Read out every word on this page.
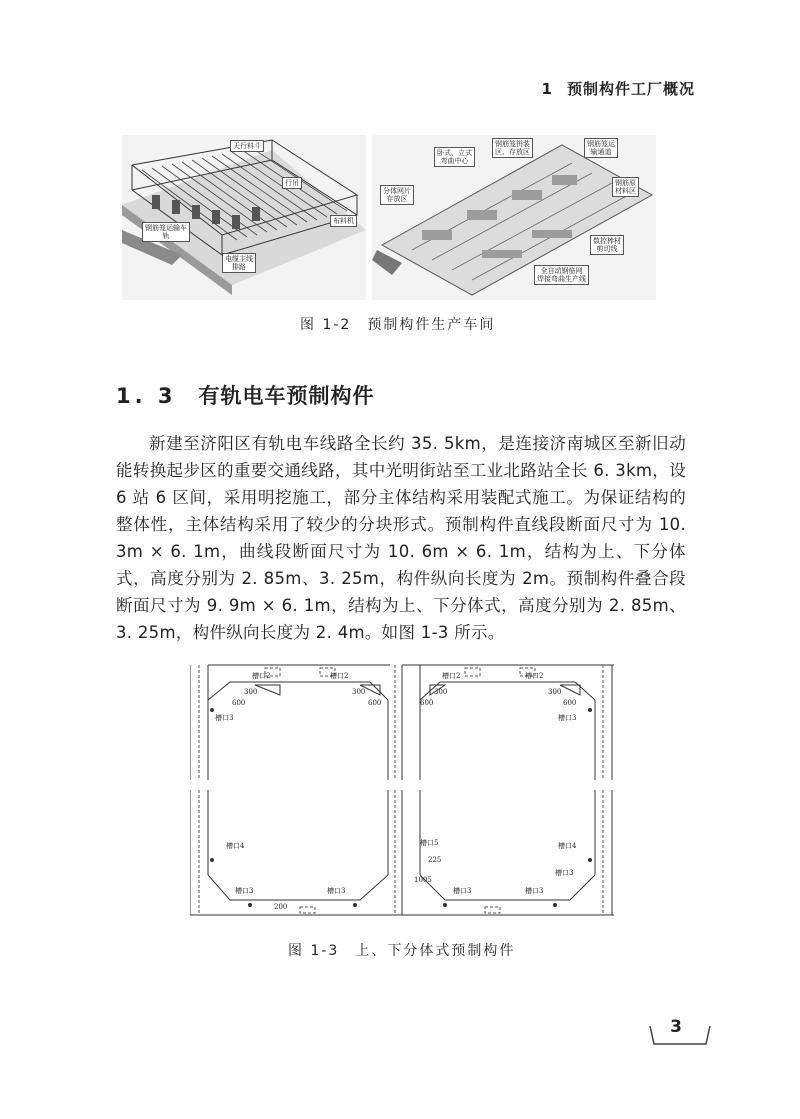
1 预制构件工厂概况
天行料斗
行吊
钢筋笼运输车
轨
电缆主线
排路
布料机
卧式、立式
弯曲中心
钢筋笼拼装
区、存放区
钢筋笼运
输通道
分体网片
存放区
钢筋原
材料区
数控棒材
剪切线
全自动钢筋网
焊接弯曲生产线
图 1-2　预制构件生产车间
1. 3 有轨电车预制构件

新建至济阳区有轨电车线路全长约 35. 5km，是连接济南城区至新旧动能转换起步区的重要交通线路，其中光明街站至工业北路站全长 6. 3km，设 6 站 6 区间，采用明挖施工，部分主体结构采用装配式施工。为保证结构的整体性，主体结构采用了较少的分块形式。预制构件直线段断面尺寸为 10. 3m × 6. 1m，曲线段断面尺寸为 10. 6m × 6. 1m，结构为上、下分体式，高度分别为 2. 85m、3. 25m，构件纵向长度为 2m。预制构件叠合段断面尺寸为 9. 9m × 6. 1m，结构为上、下分体式，高度分别为 2. 85m、3. 25m，构件纵向长度为 2. 4m。如图 1-3 所示。

槽口2	槽口2	槽口2	槽口2
300	300	300	300
600	600	600	600
槽口3	槽口3
槽口4	槽口4
槽口5
槽口3
槽口3	槽口3	槽口3	槽口3
225
1005
200
图 1-3　上、下分体式预制构件
3
